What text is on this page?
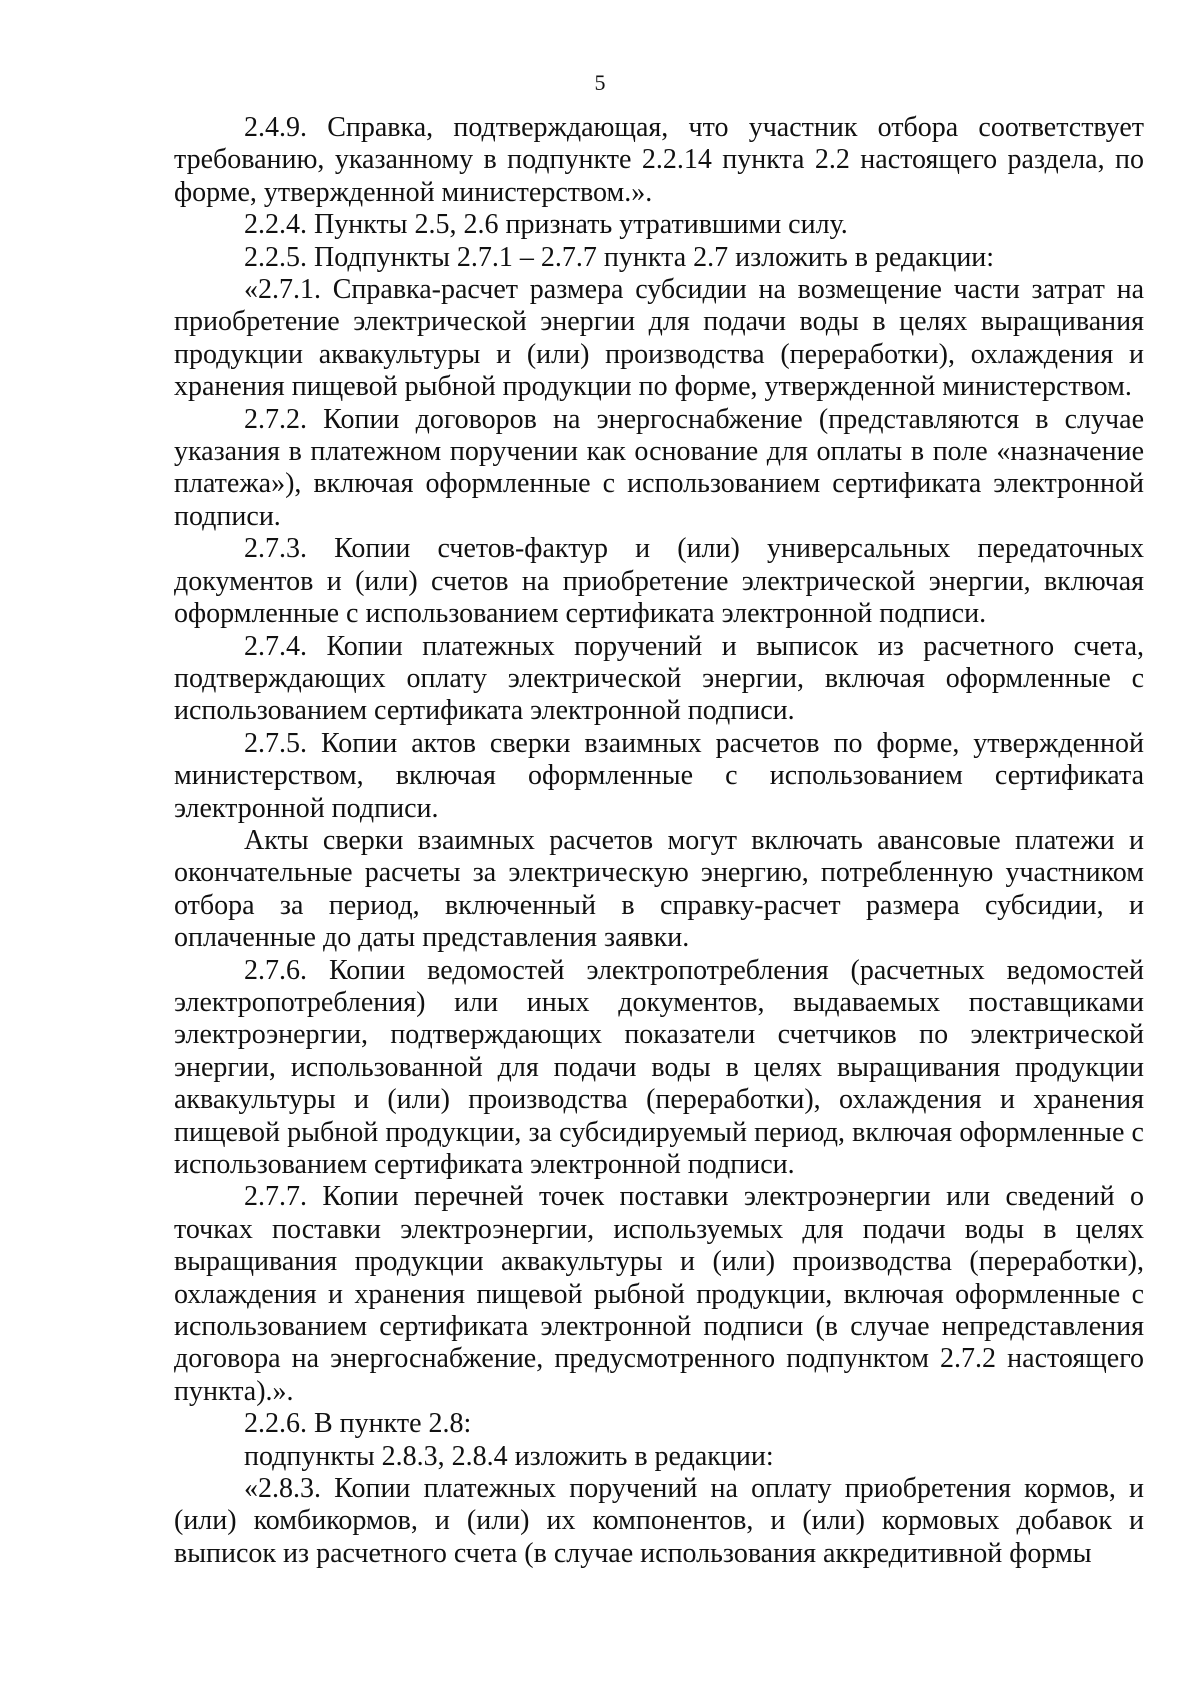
5

2.4.9. Справка, подтверждающая, что участник отбора соответствует требованию, указанному в подпункте 2.2.14 пункта 2.2 настоящего раздела, по форме, утвержденной министерством.».

2.2.4. Пункты 2.5, 2.6 признать утратившими силу.

2.2.5. Подпункты 2.7.1 – 2.7.7 пункта 2.7 изложить в редакции:

«2.7.1. Справка-расчет размера субсидии на возмещение части затрат на приобретение электрической энергии для подачи воды в целях выращивания продукции аквакультуры и (или) производства (переработки), охлаждения и хранения пищевой рыбной продукции по форме, утвержденной министерством.

2.7.2. Копии договоров на энергоснабжение (представляются в случае указания в платежном поручении как основание для оплаты в поле «назначение платежа»), включая оформленные с использованием сертификата электронной подписи.

2.7.3. Копии счетов-фактур и (или) универсальных передаточных документов и (или) счетов на приобретение электрической энергии, включая оформленные с использованием сертификата электронной подписи.

2.7.4. Копии платежных поручений и выписок из расчетного счета, подтверждающих оплату электрической энергии, включая оформленные с использованием сертификата электронной подписи.

2.7.5. Копии актов сверки взаимных расчетов по форме, утвержденной министерством, включая оформленные с использованием сертификата электронной подписи.

Акты сверки взаимных расчетов могут включать авансовые платежи и окончательные расчеты за электрическую энергию, потребленную участником отбора за период, включенный в справку-расчет размера субсидии, и оплаченные до даты представления заявки.

2.7.6. Копии ведомостей электропотребления (расчетных ведомостей электропотребления) или иных документов, выдаваемых поставщиками электроэнергии, подтверждающих показатели счетчиков по электрической энергии, использованной для подачи воды в целях выращивания продукции аквакультуры и (или) производства (переработки), охлаждения и хранения пищевой рыбной продукции, за субсидируемый период, включая оформленные с использованием сертификата электронной подписи.

2.7.7. Копии перечней точек поставки электроэнергии или сведений о точках поставки электроэнергии, используемых для подачи воды в целях выращивания продукции аквакультуры и (или) производства (переработки), охлаждения и хранения пищевой рыбной продукции, включая оформленные с использованием сертификата электронной подписи (в случае непредставления договора на энергоснабжение, предусмотренного подпунктом 2.7.2 настоящего пункта).».

2.2.6. В пункте 2.8:

подпункты 2.8.3, 2.8.4 изложить в редакции:

«2.8.3. Копии платежных поручений на оплату приобретения кормов, и (или) комбикормов, и (или) их компонентов, и (или) кормовых добавок и выписок из расчетного счета (в случае использования аккредитивной формы
